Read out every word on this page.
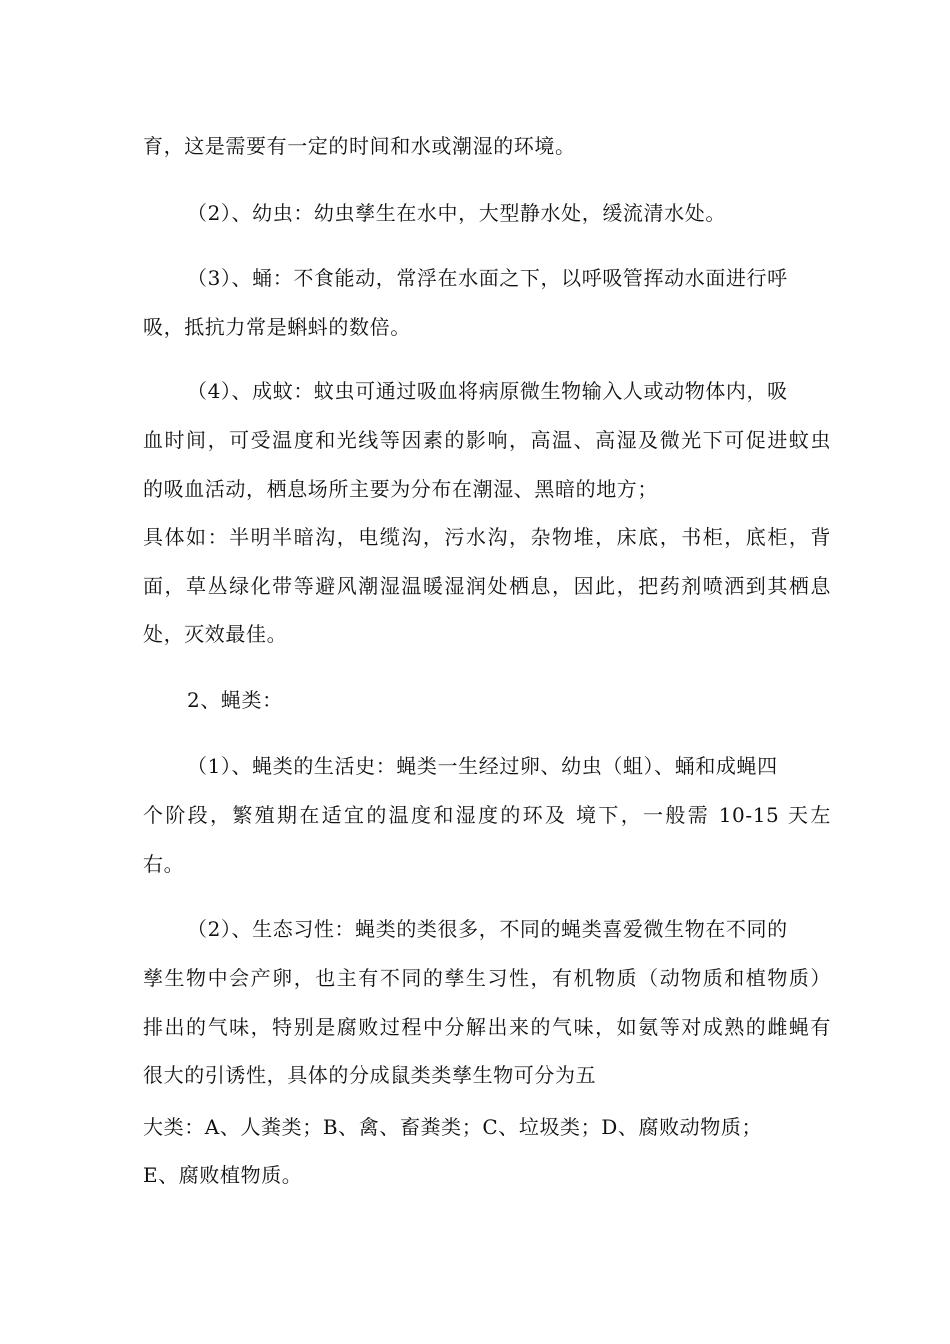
育，这是需要有一定的时间和水或潮湿的环境。
（2）、幼虫：幼虫孳生在水中，大型静水处，缓流清水处。
（3）、蛹：不食能动，常浮在水面之下，以呼吸管挥动水面进行呼
吸，抵抗力常是蝌蚪的数倍。
（4）、成蚊：蚊虫可通过吸血将病原微生物输入人或动物体内，吸
血时间，可受温度和光线等因素的影响，高温、高湿及微光下可促进蚊虫
的吸血活动，栖息场所主要为分布在潮湿、黑暗的地方；
具体如：半明半暗沟，电缆沟，污水沟，杂物堆，床底，书柜，底柜，背
面，草丛绿化带等避风潮湿温暖湿润处栖息，因此，把药剂喷洒到其栖息
处，灭效最佳。
2、蝇类：
（1）、蝇类的生活史：蝇类一生经过卵、幼虫（蛆）、蛹和成蝇四
个阶段，繁殖期在适宜的温度和湿度的环及 境下，一般需 10-15 天左
右。
（2）、生态习性：蝇类的类很多，不同的蝇类喜爱微生物在不同的
孳生物中会产卵，也主有不同的孳生习性，有机物质（动物质和植物质）
排出的气味，特别是腐败过程中分解出来的气味，如氨等对成熟的雌蝇有
很大的引诱性，具体的分成鼠类类孳生物可分为五
大类：A、人粪类；B、禽、畜粪类；C、垃圾类；D、腐败动物质；
E、腐败植物质。
